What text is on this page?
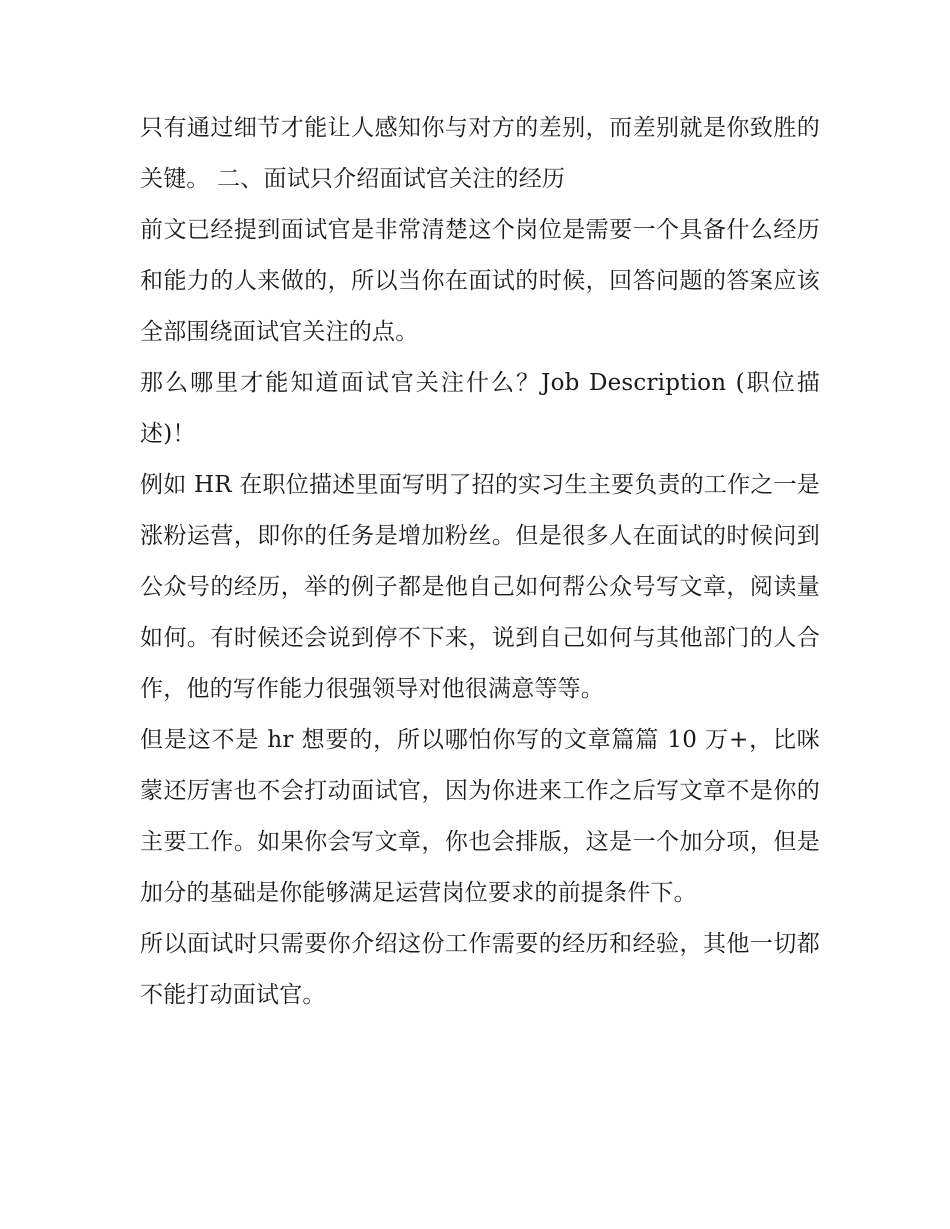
只有通过细节才能让人感知你与对方的差别，而差别就是你致胜的关键。 二、面试只介绍面试官关注的经历

前文已经提到面试官是非常清楚这个岗位是需要一个具备什么经历和能力的人来做的，所以当你在面试的时候，回答问题的答案应该全部围绕面试官关注的点。

那么哪里才能知道面试官关注什么？Job Description (职位描述)！

例如 HR 在职位描述里面写明了招的实习生主要负责的工作之一是涨粉运营，即你的任务是增加粉丝。但是很多人在面试的时候问到公众号的经历，举的例子都是他自己如何帮公众号写文章，阅读量如何。有时候还会说到停不下来，说到自己如何与其他部门的人合作，他的写作能力很强领导对他很满意等等。

但是这不是 hr 想要的，所以哪怕你写的文章篇篇 10 万+，比咪蒙还厉害也不会打动面试官，因为你进来工作之后写文章不是你的主要工作。如果你会写文章，你也会排版，这是一个加分项，但是加分的基础是你能够满足运营岗位要求的前提条件下。

所以面试时只需要你介绍这份工作需要的经历和经验，其他一切都不能打动面试官。
